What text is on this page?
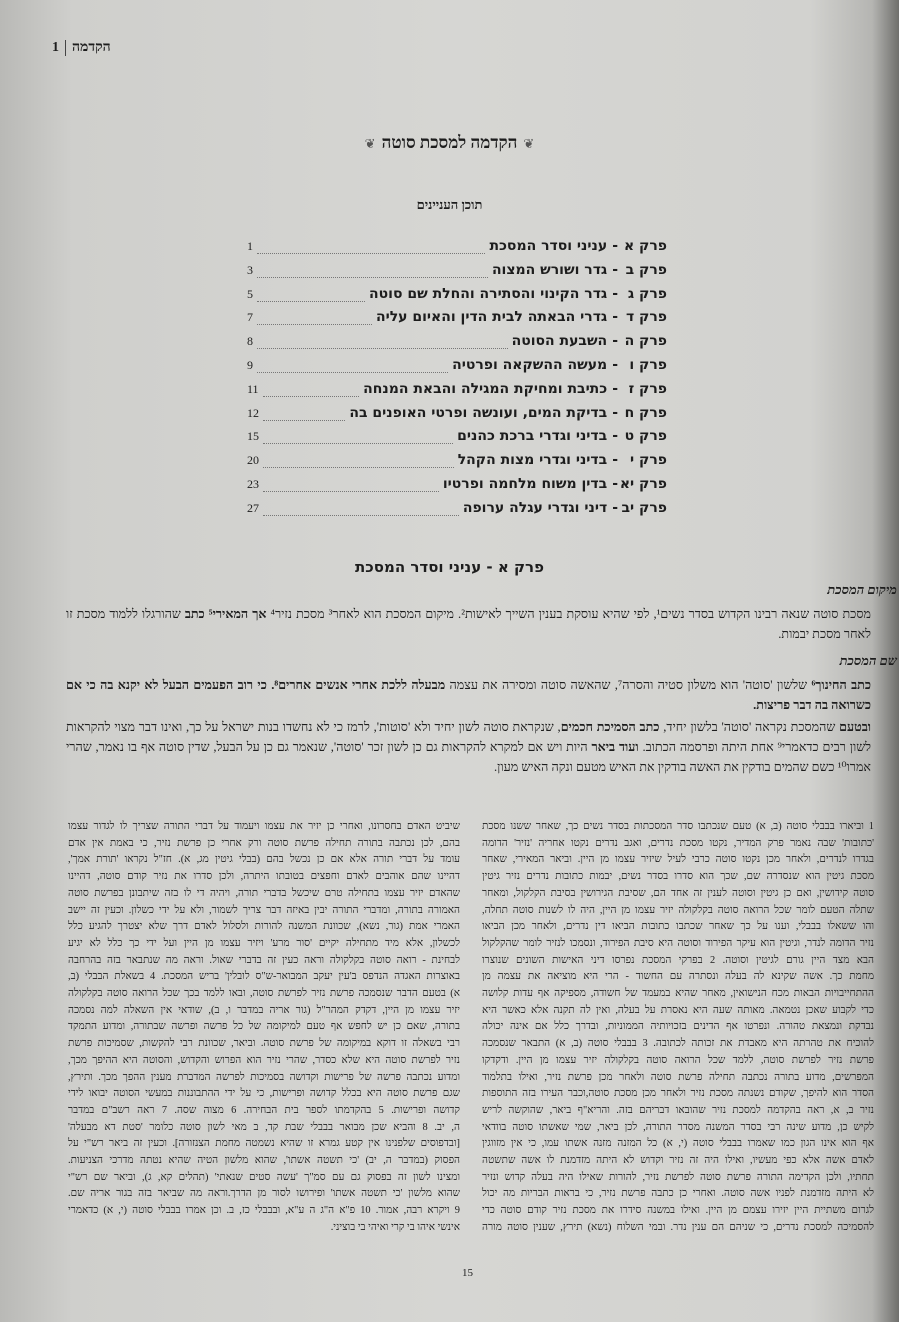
1 הקדמה
❦הקדמה למסכת סוטה❦
תוכן העניינים
פרק א
-
עניני וסדר המסכת
1
פרק ב
-
גדר ושורש המצוה
3
פרק ג
-
גדר הקינוי והסתירה והחלת שם סוטה
5
פרק ד
-
גדרי הבאתה לבית הדין והאיום עליה
7
פרק ה
-
השבעת הסוטה
8
פרק ו
-
מעשה ההשקאה ופרטיה
9
פרק ז
-
כתיבת ומחיקת המגילה והבאת המנחה
11
פרק ח
-
בדיקת המים, ועונשה ופרטי האופנים בה
12
פרק ט
-
בדיני וגדרי ברכת כהנים
15
פרק י
-
בדיני וגדרי מצות הקהל
20
פרק יא
-
בדין משוח מלחמה ופרטיו
23
פרק יב
-
דיני וגדרי עגלה ערופה
27
פרק א - עניני וסדר המסכת
מיקום המסכת
מסכת סוטה שנאה רבינו הקדוש בסדר נשים¹, לפי שהיא עוסקת בענין השייך לאישות². מיקום המסכת הוא לאחר³ מסכת נזיר⁴ אך המאירי⁵ כתב שהורגלו ללמוד מסכת זו לאחר מסכת יבמות.
שם המסכת
כתב החינוך⁶ שלשון 'סוטה' הוא משלון סטיה והסרה⁷, שהאשה סוטה ומסירה את עצמה מבעלה ללכת אחרי אנשים אחרים⁸. כי רוב הפעמים הבעל לא יקנא בה כי אם כשרואה בה דבר פריצות.
ובטעם שהמסכת נקראה 'סוטה' בלשון יחיד, כתב הסמיכת חכמים, שנקראת סוטה לשון יחיד ולא 'סוטות', לרמז כי לא נחשדו בנות ישראל על כך, ואינו דבר מצוי להקראות לשון רבים כדאמרי⁹ אחת היתה ופרסמה הכתוב. ועוד ביאר היות ויש אם למקרא להקראות גם כן לשון זכר 'סוטה', שנאמר גם כן על הבעל, שדין סוטה אף בו נאמר, שהרי אמרו¹⁰ כשם שהמים בודקין את האשה בודקין את האיש מטעם ונקה האיש מעון.
1 וביארו בבבלי סוטה (ב, א) טעם שנכתבו סדר המסכתות בסדר נשים כך, שאחר ששנו מסכת
'כתובות' שבה נאמר פרק המדיר, נקטו מסכת נדרים, ואגב נדרים נקטו אחריה 'נזיר' הדומה
בגדרו לנדרים, ולאחר מכן נקטו סוטה כרבי לעיל שיזיר עצמו מן היין. וביאר המאירי, שאחר
מסכת גיטין הוא שנסדרה שם, שכך הוא סדרו בסדר נשים, יבמות כתובות נדרים נזיר גיטין
סוטה קידושין, ואם כן גיטין וסוטה לענין זה אחד הם, שסיבת הגירושין בסיבת הקלקול, ומאחר
שתלה הטעם לומר שכל הרואה סוטה בקלקולה יזיר עצמו מן היין, היה לו לשנות סוטה תחלה,
והו ששאלו בבבלי, וענו על כך שאחר שכתבו כתובות הביאו דין נדרים, ולאחר מכן הביאו
נזיר הדומה לנדר, וגיטין הוא עיקר הפירוד וסוטה היא סיבת הפירוד, ונסמכו לנזיר לומר שהקלקול
הבא מצד היין גורם לגיטין וסוטה. 2 בפרקי המסכת נפרסו דיני האישות השונים שנוצרו
מחמת כך. אשה שקינא לה בעלה ונסתרה עם החשוד - הרי היא מוציאה את עצמה מן
ההתחייבויות הבאות מכח הנישואין, מאחר שהיא במעמד של חשודה, מספיקה אף עדות קלושה
כדי לקבוע שאכן נטמאה. מאותה שעה היא נאסרת על בעלה, ואין לה תקנה אלא כאשר היא
נבדקת ונמצאת טהורה. ונפרטו אף הדינים בזכויותיה הממוניות, ובדרך כלל אם אינה יכולה
להוכיח את טהרתה היא מאבדת את זכותה לכתובה. 3 בבבלי סוטה (ב, א) התבאר שנסמכה
פרשת נזיר לפרשת סוטה, ללמד שכל הרואה סוטה בקלקולה יזיר עצמו מן היין. ודקדקו
המפרשים, מדוע בתורה נכתבה תחילה פרשת סוטה ולאחר מכן פרשת נזיר, ואילו בתלמוד
הסדר הוא להיפך, שקודם נשנתה מסכת נזיר ולאחר מכן מסכת סוטה,וכבר העירו בזה התוספות
נזיר ב, א, ראה בהקדמה למסכת נזיר שהובאו דבריהם בזה. והריא"ף ביאר, שהוקשה לריש
לקיש כן, מדוע שינה רבי בסדר המשנה מסדר התורה, לכן ביאר, שמי שאשתו סוטה בוודאי
אף הוא אינו הגון כמו שאמרו בבבלי סוטה (י, א) כל המזנה מזנה אשתו עמו, כי אין מזווגין
לאדם אשה אלא כפי מעשיו, ואילו היה זה נזיר וקדוש לא היתה מזדמנת לו אשה שתשטה
תחתיו, ולכן הקדימה התורה פרשת סוטה לפרשת נזיר, להורות שאילו היה בעלה קדוש ונזיר
לא היתה מזדמנת לפניו אשה סוטה. ואחרי כן כתבה פרשת נזיר, כי בראות הבריות מה יכול
לגרום משתיית היין יזירו עצמם מן היין. ואילו במשנה סידרו את מסכת נזיר קודם סוטה כדי
להסמיכה למסכת נדרים, כי שניהם הם ענין נדר. ובמי השלוח (נשא) תירץ, שענין סוטה מורה
שיביט האדם בחסרונו, ואחרי כן יזיר את עצמו ויעמוד על דברי התורה שצריך לו לגדור עצמו
בהם, לכן נכתבה בתורה תחילה פרשת סוטה ורק אחרי כן פרשת נזיר, כי באמת אין אדם
עומד על דברי תורה אלא אם כן נכשל בהם (בבלי גיטין מג, א). חז"ל נקראו 'תורת אמך',
דהיינו שהם אוהבים לאדם וחפצים בטובתו היתרה, ולכן סדרו את נזיר קודם סוטה, דהיינו
שהאדם יזיר עצמו בתחילה טרם שיכשל בדברי תורה, ויהיה די לו בזה שיתבונן בפרשת סוטה
האמורה בתורה, ומדברי התורה יבין באיזה דבר צריך לשמור, ולא על ידי כשלון. וכעין זה יישב
האמרי אמת (גור, נשא), שכוונת המשנה להורות ולסלול לאדם דרך שלא יצטרך להגיע כלל
לכשלון, אלא מיד מתחילה יקיים 'סור מרע' ויזיר עצמו מן היין ועל ידי כך כלל לא יגיע
לבחינת - רואה סוטה בקלקולה וראה כעין זה בדברי שאול. וראה מה שנתבאר בזה בהרחבה
באוצרות האגדה הנדפס ב'עין יעקב המבואר-ש"ס לובלין' בריש המסכת. 4 בשאלת הבבלי (ב,
א) בטעם הדבר שנסמכה פרשת נזיר לפרשת סוטה, ובאו ללמד בכך שכל הרואה סוטה בקלקולה
יזיר עצמו מן היין, דקדק המהר"ל (גור אריה במדבר ו, ב), שודאי אין השאלה למה נסמכה
בתורה, שאם כן יש לחפש אף טעם למיקומה של כל פרשה ופרשה שבתורה, ומדוע התמקד
רבי בשאלה זו דוקא במיקומה של פרשת סוטה. וביאר, שכוונת רבי להקשות, שסמיכות פרשת
נזיר לפרשת סוטה היא שלא כסדר, שהרי נזיר הוא הפרוש והקדוש, והסוטה היא ההיפך מכך,
ומדוע נכתבה פרשה של פרישות וקדושה בסמיכות לפרשה המדברת מענין ההפך מכך. ותירץ,
שגם פרשת סוטה היא בכלל קדושה ופרישות, כי על ידי ההתבוננות במעשי הסוטה יבואו לידי
קדושה ופרישות. 5 בהקדמתו לספר בית הבחירה. 6 מצוה שסה. 7 ראה רשב"ם במדבר
ה, יב. 8 והביא שכן מבואר בבבלי שבת קד, ב מאי לשון סוטה כלומר 'סטת דא מבעלה'
[ובדפוסים שלפנינו אין קטע גמרא זו שהיא נשמטה מחמת הצנזורה]. וכעין זה ביאר רש"י על
הפסוק (במדבר ה, יב) 'כי תשטה אשתו', שהוא מלשון הטיה שהיא נטתה מדרכי הצניעות.
ומצינו לשון זה בפסוק גם עם סמ"ך 'עשה סטים שנאתי' (תהלים קא, ג), וביאר שם רש"י
שהוא מלשון 'כי תשטה אשתו' ופירושו לסור מן הדרך.וראה מה שביאר בזה בגור אריה שם.
9 ויקרא רבה, אמור. 10 פ"א ה"ג ה ע"א, ובבבלי כז, ב. וכן אמרו בבבלי סוטה (י, א) כדאמרי
אינשי איהו בי קרי ואיהי בי בוציני.
15
